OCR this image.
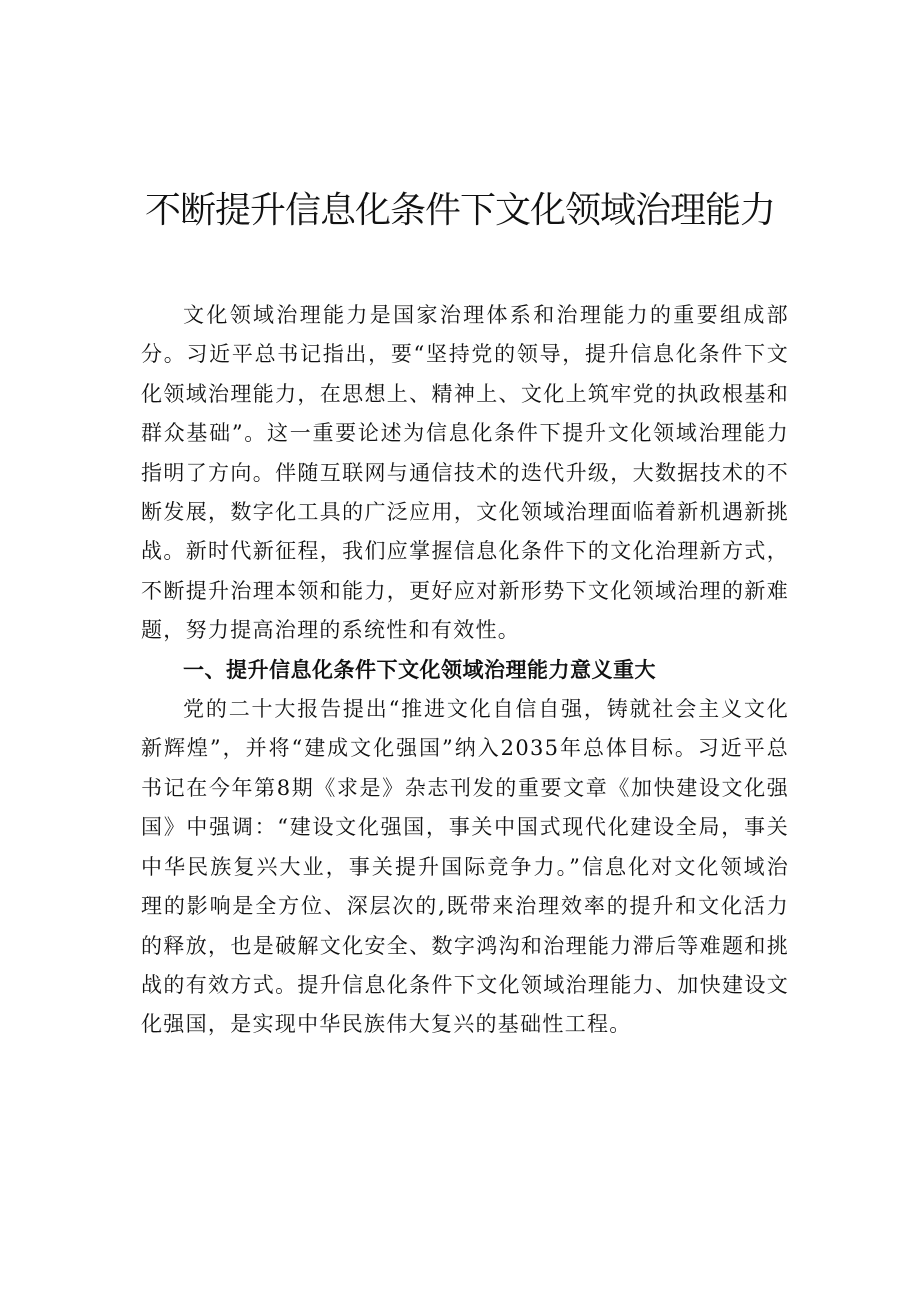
不断提升信息化条件下文化领域治理能力

文化领域治理能力是国家治理体系和治理能力的重要组成部分。习近平总书记指出，要“坚持党的领导，提升信息化条件下文化领域治理能力，在思想上、精神上、文化上筑牢党的执政根基和群众基础”。这一重要论述为信息化条件下提升文化领域治理能力指明了方向。伴随互联网与通信技术的迭代升级，大数据技术的不断发展，数字化工具的广泛应用，文化领域治理面临着新机遇新挑战。新时代新征程，我们应掌握信息化条件下的文化治理新方式，不断提升治理本领和能力，更好应对新形势下文化领域治理的新难题，努力提高治理的系统性和有效性。

一、提升信息化条件下文化领域治理能力意义重大

党的二十大报告提出“推进文化自信自强，铸就社会主义文化新辉煌”，并将“建成文化强国”纳入2035年总体目标。习近平总书记在今年第8期《求是》杂志刊发的重要文章《加快建设文化强国》中强调：“建设文化强国，事关中国式现代化建设全局，事关中华民族复兴大业，事关提升国际竞争力。”信息化对文化领域治理的影响是全方位、深层次的,既带来治理效率的提升和文化活力的释放，也是破解文化安全、数字鸿沟和治理能力滞后等难题和挑战的有效方式。提升信息化条件下文化领域治理能力、加快建设文化强国，是实现中华民族伟大复兴的基础性工程。
